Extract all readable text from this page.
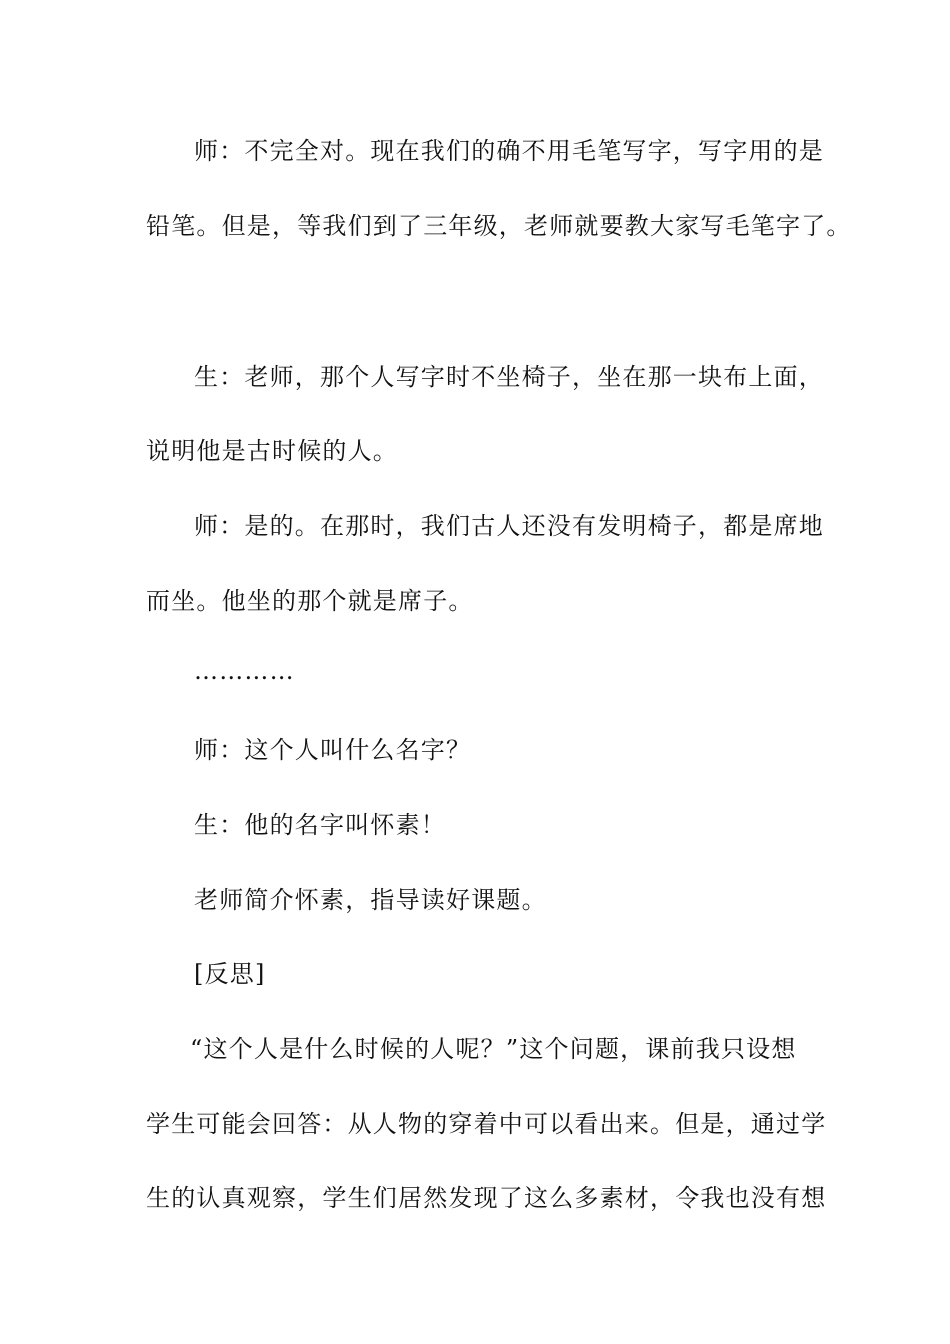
师：不完全对。现在我们的确不用毛笔写字，写字用的是
铅笔。但是，等我们到了三年级，老师就要教大家写毛笔字了。
生：老师，那个人写字时不坐椅子，坐在那一块布上面，
说明他是古时候的人。
师：是的。在那时，我们古人还没有发明椅子，都是席地
而坐。他坐的那个就是席子。
…………
师：这个人叫什么名字？
生：他的名字叫怀素！
老师简介怀素，指导读好课题。
[反思]
“这个人是什么时候的人呢？”这个问题，课前我只设想
学生可能会回答：从人物的穿着中可以看出来。但是，通过学
生的认真观察，学生们居然发现了这么多素材，令我也没有想
